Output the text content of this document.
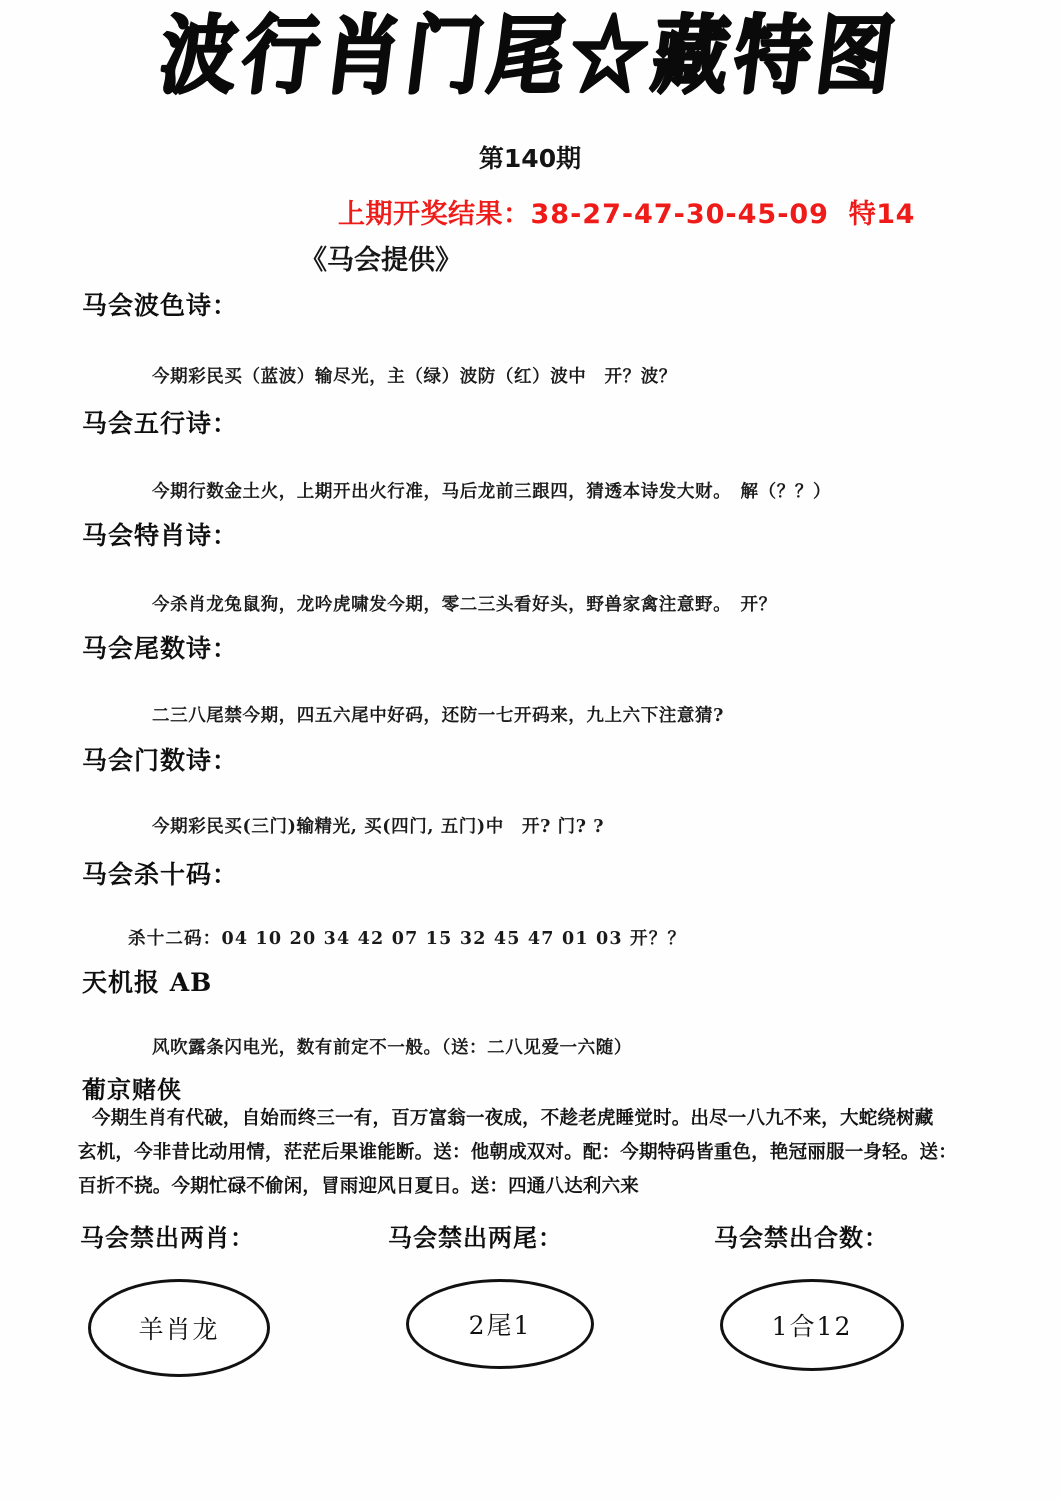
波行肖门尾☆藏特图
第140期
上期开奖结果：38-27-47-30-45-09 特14
《马会提供》
马会波色诗：
今期彩民买（蓝波）输尽光，主（绿）波防（红）波中　开？波？
马会五行诗：
今期行数金土火，上期开出火行准，马后龙前三跟四，猜透本诗发大财。　解（？？）
马会特肖诗：
今杀肖龙兔鼠狗，龙吟虎啸发今期，零二三头看好头，野兽家禽注意野。　开？
马会尾数诗：
二三八尾禁今期，四五六尾中好码，还防一七开码来，九上六下注意猜?
马会门数诗：
今期彩民买(三门)输精光, 买(四门, 五门)中　开? 门? ?
马会杀十码：
杀十二码：04 10 20 34 42 07 15 32 45 47 01 03 开？？
天机报 AB
风吹露条闪电光，数有前定不一般。（送：二八见爱一六随）
葡京赌侠
今期生肖有代破，自始而终三一有，百万富翁一夜成，不趁老虎睡觉时。出尽一八九不来，大蛇绕树藏
玄机，今非昔比动用情，茫茫后果谁能断。送：他朝成双对。配：今期特码皆重色，艳冠丽服一身轻。送：
百折不挠。今期忙碌不偷闲，冒雨迎风日夏日。送：四通八达利六来
马会禁出两肖：
羊肖龙
马会禁出两尾：
2尾1
马会禁出合数：
1合12
